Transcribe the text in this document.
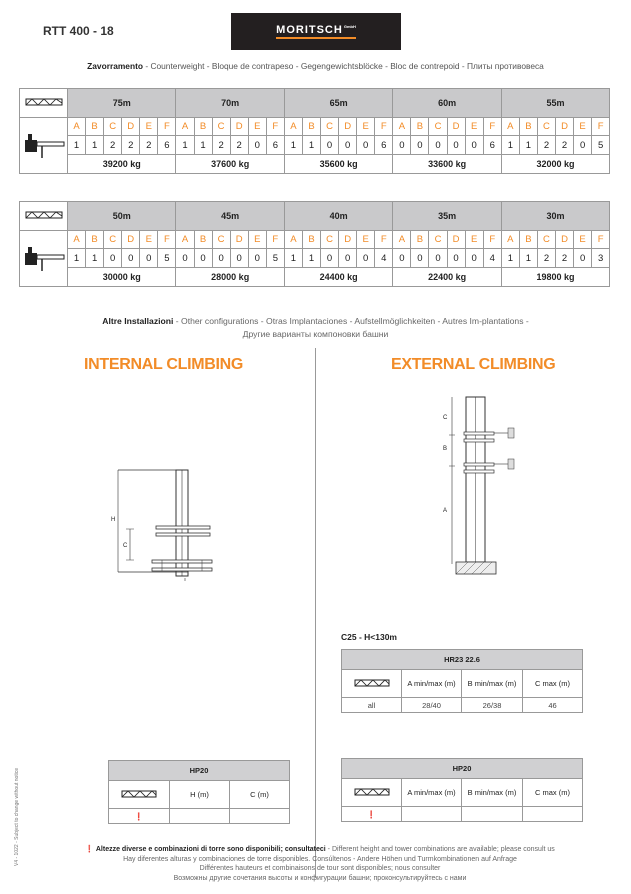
RTT 400 - 18	MORITSCH GmbH
Zavorramento - Counterweight - Bloque de contrapeso - Gegengewichtsblöcke - Bloc de contrepoid - Плиты противовеса
	75m						70m						65m						60m						55m					
	A	B	C	D	E	F	A	B	C	D	E	F	A	B	C	D	E	F	A	B	C	D	E	F	A	B	C	D	E	F
	1	1	2	2	2	6	1	1	2	2	0	6	1	1	0	0	0	6	0	0	0	0	0	6	1	1	2	2	0	5
	39200 kg						37600 kg						35600 kg						33600 kg						32000 kg					
	50m						45m						40m						35m						30m					
	A	B	C	D	E	F	A	B	C	D	E	F	A	B	C	D	E	F	A	B	C	D	E	F	A	B	C	D	E	F
	1	1	0	0	0	5	0	0	0	0	0	5	1	1	0	0	0	4	0	0	0	0	0	4	1	1	2	2	0	3
	30000 kg						28000 kg						24400 kg						22400 kg						19800 kg					
Altre Installazioni - Other configurations - Otras Implantaciones - Aufstellmöglichkeiten - Autres Im-plantations -
Другие варианты компоновки башни
INTERNAL CLIMBING	EXTERNAL CLIMBING
H
C
C
B
A
C25 - H<130m
HR23 22.6			
	A min/max (m)	B min/max (m)	C max (m)
all	28/40	26/38	46
HP20		
	H (m)	C (m)
❗		
HP20			
	A min/max (m)	B min/max (m)	C max (m)
❗			
❗ Altezze diverse e combinazioni di torre sono disponibili; consultateci - Different height and tower combinations are available; please consult us
Hay diferentes alturas y combinaciones de torre disponibles. Consúltenos - Andere Höhen und Turmkombinationen auf Anfrage
Différentes hauteurs et combinaisons de tour sont disponibles; nous consulter
Возможны другие сочетания высоты и конфигурации башни; проконсультируйтесь с нами
V4 - 1022 - Subject to change without notice
